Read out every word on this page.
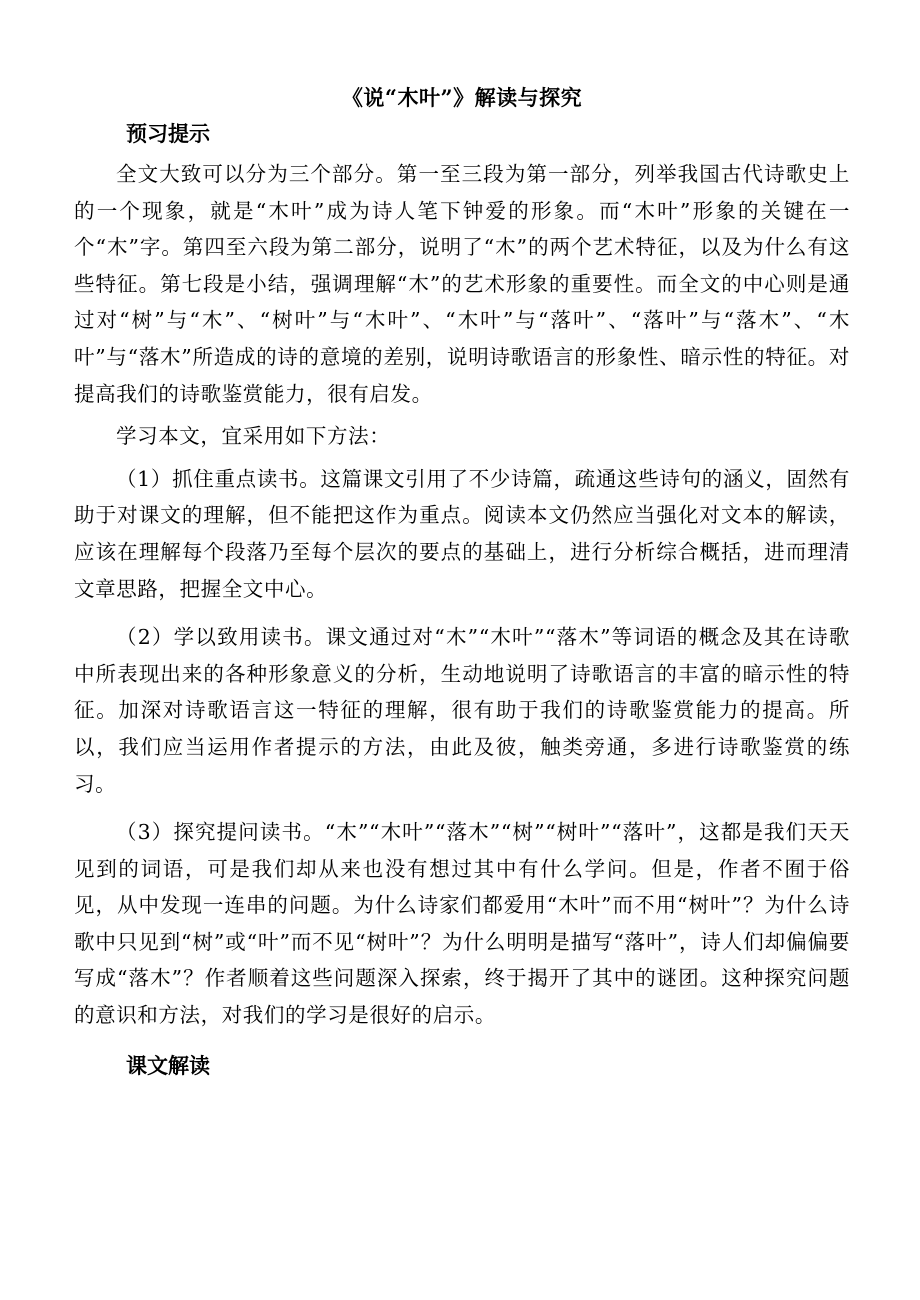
《说“木叶”》解读与探究
预习提示

全文大致可以分为三个部分。第一至三段为第一部分，列举我国古代诗歌史上的一个现象，就是“木叶”成为诗人笔下钟爱的形象。而“木叶”形象的关键在一个“木”字。第四至六段为第二部分，说明了“木”的两个艺术特征，以及为什么有这些特征。第七段是小结，强调理解“木”的艺术形象的重要性。而全文的中心则是通过对“树”与“木”、“树叶”与“木叶”、“木叶”与“落叶”、“落叶”与“落木”、“木叶”与“落木”所造成的诗的意境的差别，说明诗歌语言的形象性、暗示性的特征。对提高我们的诗歌鉴赏能力，很有启发。

学习本文，宜采用如下方法：

（1）抓住重点读书。这篇课文引用了不少诗篇，疏通这些诗句的涵义，固然有助于对课文的理解，但不能把这作为重点。阅读本文仍然应当强化对文本的解读，应该在理解每个段落乃至每个层次的要点的基础上，进行分析综合概括，进而理清文章思路，把握全文中心。

（2）学以致用读书。课文通过对“木”“木叶”“落木”等词语的概念及其在诗歌中所表现出来的各种形象意义的分析，生动地说明了诗歌语言的丰富的暗示性的特征。加深对诗歌语言这一特征的理解，很有助于我们的诗歌鉴赏能力的提高。所以，我们应当运用作者提示的方法，由此及彼，触类旁通，多进行诗歌鉴赏的练习。

（3）探究提问读书。“木”“木叶”“落木”“树”“树叶”“落叶”，这都是我们天天见到的词语，可是我们却从来也没有想过其中有什么学问。但是，作者不囿于俗见，从中发现一连串的问题。为什么诗家们都爱用“木叶”而不用“树叶”？为什么诗歌中只见到“树”或“叶”而不见“树叶”？为什么明明是描写“落叶”，诗人们却偏偏要写成“落木”？作者顺着这些问题深入探索，终于揭开了其中的谜团。这种探究问题的意识和方法，对我们的学习是很好的启示。

课文解读
